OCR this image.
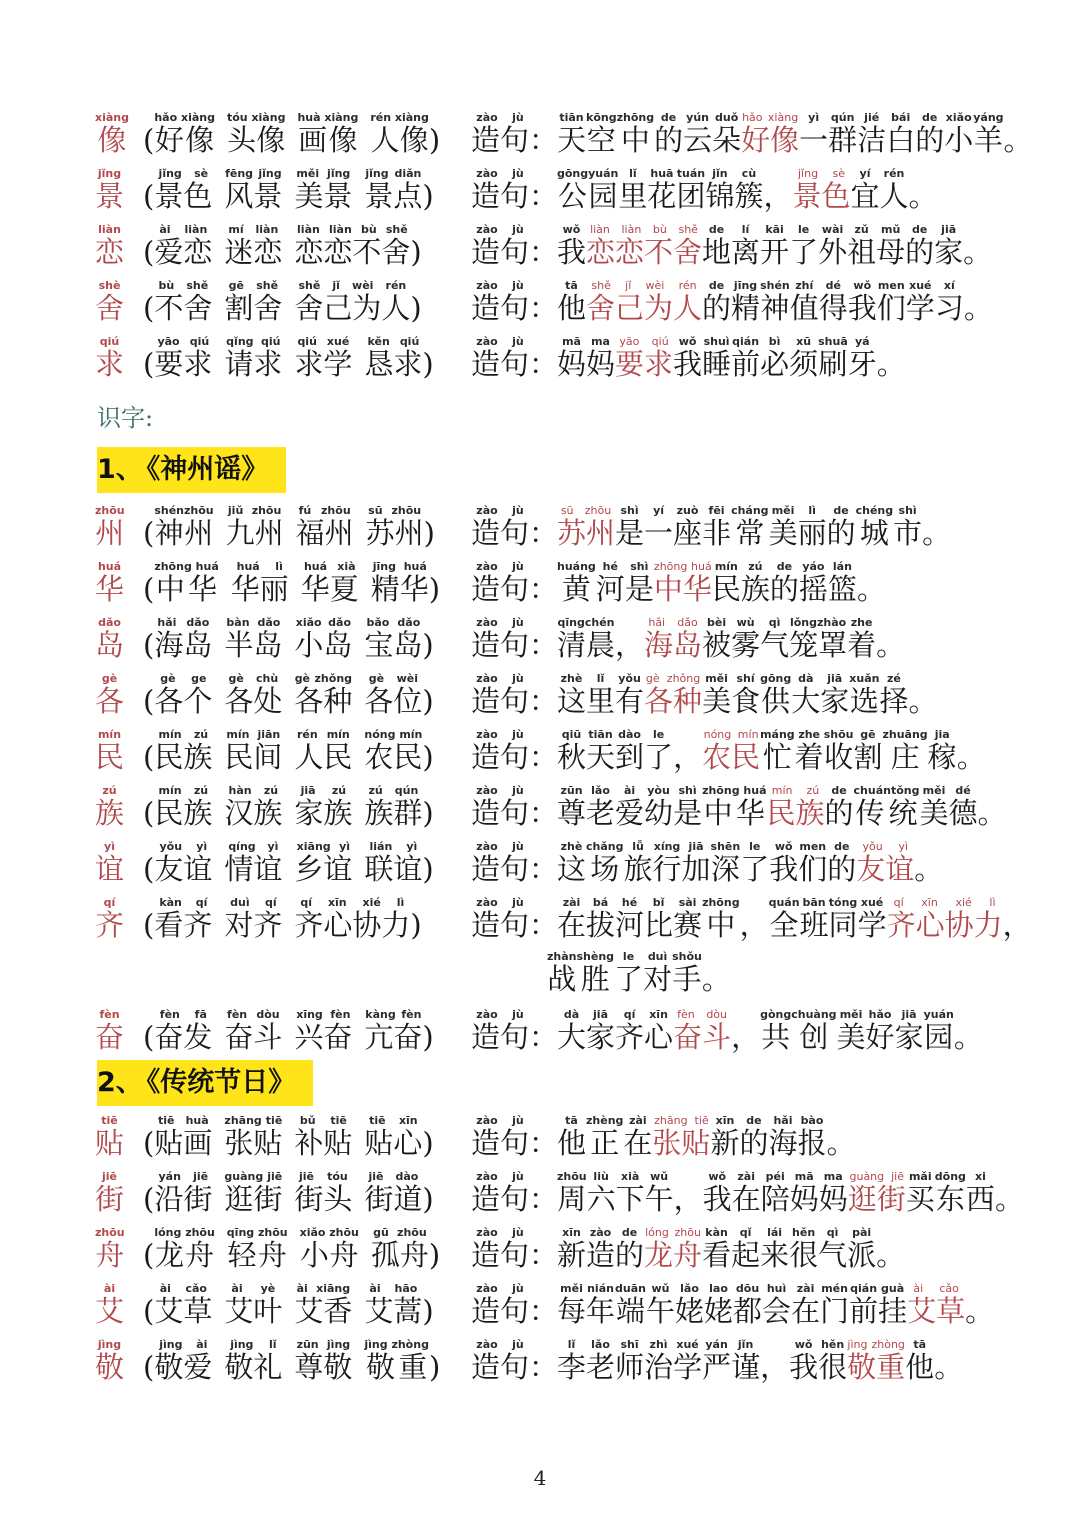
像xiàng
( 好像hǎo xiàng头像tóu xiàng画像huà xiàng人像rén xiàng)	造句zào jù：
天tiān空kōng中zhōng的de云yún朵duǒ好像hǎo xiàng一yì群qún洁jié白bái的de小xiǎo羊yáng。
景jǐng
( 景色jǐng sè风景fēng jǐng美景měi jǐng景点jǐng diǎn)	造句zào jù：
公园gōngyuán里lǐ花huā团tuán锦jǐn簇cù， 景色jǐng sè宜yí人rén。
恋liàn
( 爱恋ài liàn迷恋mí liàn恋恋不舍liàn liàn bù shě)	造句zào jù：
我wǒ恋恋不舍liàn liàn bù shě地de离lí开kāi了le外wài祖zǔ母mǔ的de家jiā。
舍shè
( 不舍bù shě割舍gē shě舍己为人shě jǐ wèi rén)	造句zào jù：
他tā舍己为人shě jǐ wèi rén的de精jīng神shén值zhí得dé我wǒ们men学xué习xí。
求qiú
( 要求yāo qiú请求qǐng qiú求学qiú xué恳求kěn qiú)	造句zào jù：
妈mā妈ma要求yāo qiú我wǒ睡shuì前qián必bì须xū刷shuā牙yá。
识字:
1、 《神州谣》
州zhōu
( 神州shénzhōu九州jiǔ zhōu福州fú zhōu苏州sū zhōu)	造句zào jù：
苏州sū zhōu是shì一yí座zuò非fēi常cháng美měi丽lì的de城chéng市shì。
华huá
( 中华zhōng huá华丽huá lì华夏huá xià精华jīng huá)	造句zào jù：
黄huáng河hé是shì中华zhōng huá民mín族zú的de摇yáo篮lán。
岛dǎo
( 海岛hǎi dǎo半岛bàn dǎo小岛xiǎo dǎo宝岛bǎo dǎo)	造句zào jù：
清晨qīngchén， 海岛hǎi dǎo被bèi雾wù气qì笼罩lǒngzhào着zhe。
各gè
( 各个gè ge各处gè chù各种gè zhǒng各位gè wèi)	造句zào jù：
这zhè里lǐ有yǒu各种gè zhǒng美měi食shí供gōng大dà家jiā选xuǎn择zé。
民mín
( 民族mín zú民间mín jiān人民rén mín农民nóng mín)	造句zào jù：
秋qiū天tiān到dào了le， 农民nóng mín忙máng着zhe收shōu割gē庄zhuāng稼jia。
族zú
( 民族mín zú汉族hàn zú家族jiā zú族群zú qún)	造句zào jù：
尊zūn老lǎo爱ài幼yòu是shì中华zhōng huá民族mín zú的de传统chuántǒng美měi德dé。
谊yì
( 友谊yǒu yì情谊qíng yì乡谊xiāng yì联谊lián yì)	造句zào jù：
这zhè场chǎng旅lǚ行xíng加jiā深shēn了le我wǒ们men的de友谊yǒu yì。
齐qí
( 看齐kàn qí对齐duì qí齐心协力qí xīn xié lì)	造句zào jù：
在zài拔bá河hé比bǐ赛sài中zhōng， 全quán班bān同tóng学xué齐心协力qí xīn xié lì，
战zhàn胜shèng了le对duì手shǒu。
奋fèn
( 奋发fèn fā奋斗fèn dòu兴奋xīng fèn亢奋kàng fèn)	造句zào jù：
大dà家jiā齐qí心xīn奋斗fèn dòu， 共gòng创chuàng美měi好hǎo家jiā园yuán。
2、 《传统节日》
贴tiē
( 贴画tiē huà张贴zhāng tiē补贴bǔ tiē贴心tiē xīn)	造句zào jù：
他tā正zhèng在zài张贴zhāng tiē新xīn的de海hǎi报bào。
街jiē
( 沿街yán jiē逛街guàng jiē街头jiē tóu街道jiē dào)	造句zào jù：
周zhōu六liù下xià午wǔ， 我wǒ在zài陪péi妈mā妈ma逛街guàng jiē买mǎi东dōng西xi。
舟zhōu
( 龙舟lóng zhōu轻舟qīng zhōu小舟xiǎo zhōu孤舟gū zhōu)	造句zào jù：
新xīn造zào的de龙舟lóng zhōu看kàn起qǐ来lái很hěn气qì派pài。
艾ài
( 艾草ài cǎo艾叶ài yè艾香ài xiāng艾蒿ài hāo)	造句zào jù：
每měi年nián端duān午wǔ姥lǎo姥lao都dōu会huì在zài门mén前qián挂guà艾草ài cǎo。
敬jìng
( 敬爱jìng ài敬礼jìng lǐ尊敬zūn jìng敬重jìng zhòng)	造句zào jù：
李lǐ老lǎo师shī治zhì学xué严yán谨jǐn， 我wǒ很hěn敬重jìng zhòng他tā。
4
